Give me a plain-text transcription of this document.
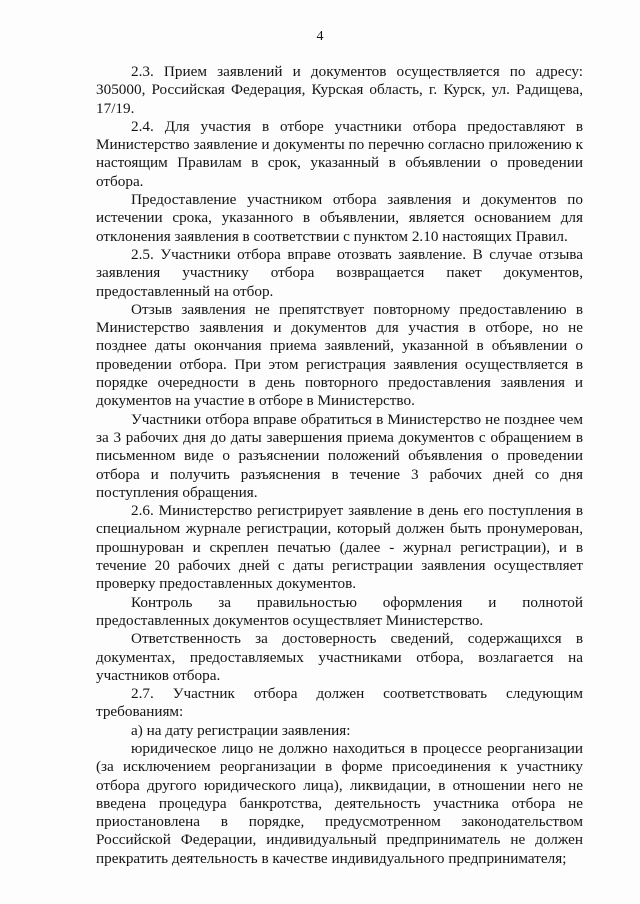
4

2.3. Прием заявлений и документов осуществляется по адресу: 305000, Российская Федерация, Курская область, г. Курск, ул. Радищева, 17/19.

2.4. Для участия в отборе участники отбора предоставляют в Министерство заявление и документы по перечню согласно приложению к настоящим Правилам в срок, указанный в объявлении о проведении отбора.

Предоставление участником отбора заявления и документов по истечении срока, указанного в объявлении, является основанием для отклонения заявления в соответствии с пунктом 2.10 настоящих Правил.

2.5. Участники отбора вправе отозвать заявление. В случае отзыва заявления участнику отбора возвращается пакет документов, предоставленный на отбор.

Отзыв заявления не препятствует повторному предоставлению в Министерство заявления и документов для участия в отборе, но не позднее даты окончания приема заявлений, указанной в объявлении о проведении отбора. При этом регистрация заявления осуществляется в порядке очередности в день повторного предоставления заявления и документов на участие в отборе в Министерство.

Участники отбора вправе обратиться в Министерство не позднее чем за 3 рабочих дня до даты завершения приема документов с обращением в письменном виде о разъяснении положений объявления о проведении отбора и получить разъяснения в течение 3 рабочих дней со дня поступления обращения.

2.6. Министерство регистрирует заявление в день его поступления в специальном журнале регистрации, который должен быть пронумерован, прошнурован и скреплен печатью (далее - журнал регистрации), и в течение 20 рабочих дней с даты регистрации заявления осуществляет проверку предоставленных документов.

Контроль за правильностью оформления и полнотой предоставленных документов осуществляет Министерство.

Ответственность за достоверность сведений, содержащихся в документах, предоставляемых участниками отбора, возлагается на участников отбора.

2.7. Участник отбора должен соответствовать следующим требованиям:

а) на дату регистрации заявления:

юридическое лицо не должно находиться в процессе реорганизации (за исключением реорганизации в форме присоединения к участнику отбора другого юридического лица), ликвидации, в отношении него не введена процедура банкротства, деятельность участника отбора не приостановлена в порядке, предусмотренном законодательством Российской Федерации, индивидуальный предприниматель не должен прекратить деятельность в качестве индивидуального предпринимателя;
